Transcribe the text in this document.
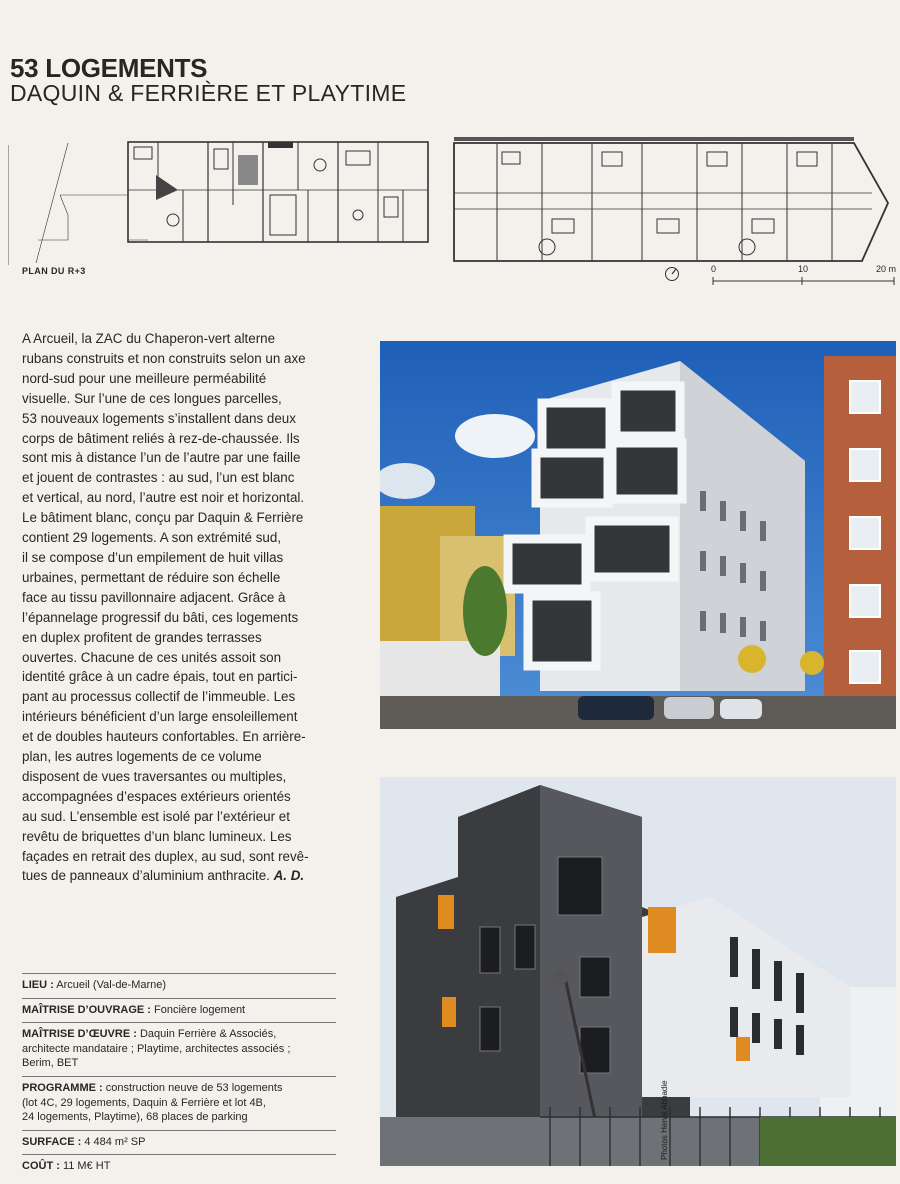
53 LOGEMENTS
DAQUIN & FERRIÈRE ET PLAYTIME
PLAN DU R+3	0	10	20 m
A Arcueil, la ZAC du Chaperon-vert alterne
rubans construits et non construits selon un axe
nord-sud pour une meilleure perméabilité
visuelle. Sur l’une de ces longues parcelles,
53 nouveaux logements s’installent dans deux
corps de bâtiment reliés à rez-de-chaussée. Ils
sont mis à distance l’un de l’autre par une faille
et jouent de contrastes : au sud, l’un est blanc
et vertical, au nord, l’autre est noir et horizontal.
Le bâtiment blanc, conçu par Daquin & Ferrière
contient 29 logements. A son extrémité sud,
il se compose d’un empilement de huit villas
urbaines, permettant de réduire son échelle
face au tissu pavillonnaire adjacent. Grâce à
l’épannelage progressif du bâti, ces logements
en duplex profitent de grandes terrasses
ouvertes. Chacune de ces unités assoit son
identité grâce à un cadre épais, tout en partici-
pant au processus collectif de l’immeuble. Les
intérieurs bénéficient d’un large ensoleillement
et de doubles hauteurs confortables. En arrière-
plan, les autres logements de ce volume
disposent de vues traversantes ou multiples,
accompagnées d’espaces extérieurs orientés
au sud. L’ensemble est isolé par l’extérieur et
revêtu de briquettes d’un blanc lumineux. Les
façades en retrait des duplex, au sud, sont revê-
tues de panneaux d’aluminium anthracite. A. D.
Photos Hervé Abbadie
LIEU : Arcueil (Val-de-Marne)
MAÎTRISE D’OUVRAGE : Foncière logement
MAÎTRISE D’ŒUVRE : Daquin Ferrière & Associés,
architecte mandataire ; Playtime, architectes associés ;
Berim, BET
PROGRAMME : construction neuve de 53 logements
(lot 4C, 29 logements, Daquin & Ferrière et lot 4B,
24 logements, Playtime), 68 places de parking
SURFACE : 4 484 m² SP
COÛT : 11 M€ HT
